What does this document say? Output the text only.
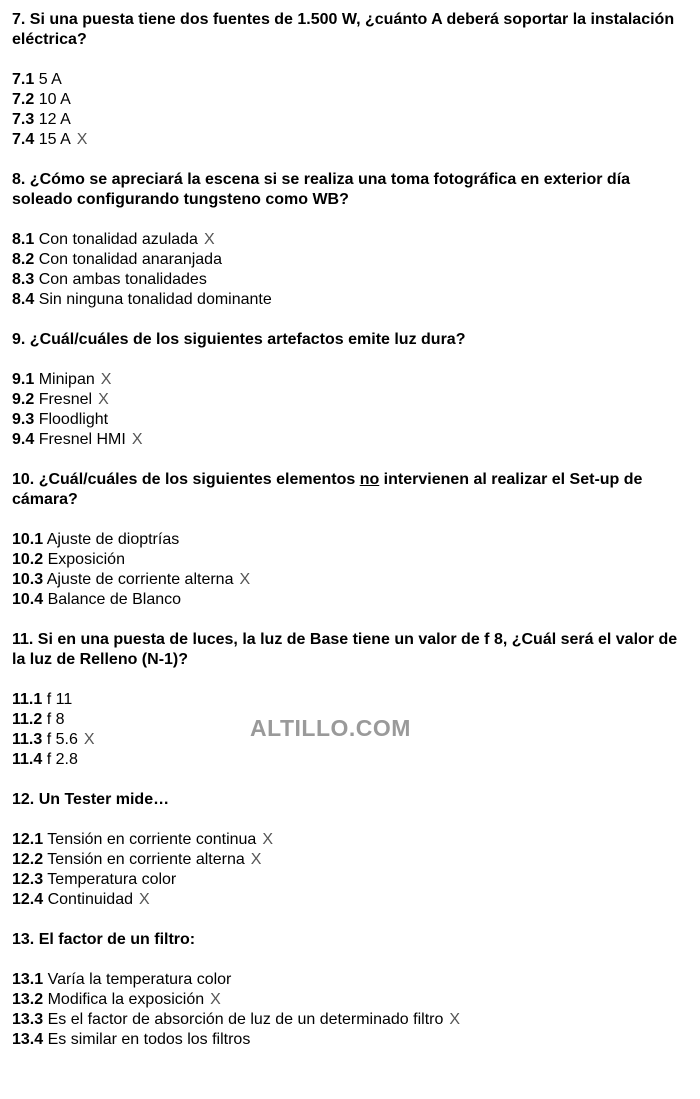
7. Si una puesta tiene dos fuentes de 1.500 W, ¿cuánto A deberá soportar la instalación eléctrica?
7.1 5 A
7.2 10 A
7.3 12 A
7.4 15 A X
8. ¿Cómo se apreciará la escena si se realiza una toma fotográfica en exterior día soleado configurando tungsteno como WB?
8.1 Con tonalidad azulada X
8.2 Con tonalidad anaranjada
8.3 Con ambas tonalidades
8.4 Sin ninguna tonalidad dominante
9. ¿Cuál/cuáles de los siguientes artefactos emite luz dura?
9.1 Minipan X
9.2 Fresnel X
9.3 Floodlight
9.4 Fresnel HMI X
10. ¿Cuál/cuáles de los siguientes elementos no intervienen al realizar el Set-up de cámara?
10.1 Ajuste de dioptrías
10.2 Exposición
10.3 Ajuste de corriente alterna X
10.4 Balance de Blanco
11. Si en una puesta de luces, la luz de Base tiene un valor de f 8, ¿Cuál será el valor de la luz de Relleno (N-1)?
11.1 f 11
11.2 f 8
11.3 f 5.6 X
11.4 f 2.8
12. Un Tester mide…
12.1 Tensión en corriente continua X
12.2 Tensión en corriente alterna X
12.3 Temperatura color
12.4 Continuidad X
13. El factor de un filtro:
13.1 Varía la temperatura color
13.2 Modifica la exposición X
13.3 Es el factor de absorción de luz de un determinado filtro X
13.4 Es similar en todos los filtros
ALTILLO.COM
